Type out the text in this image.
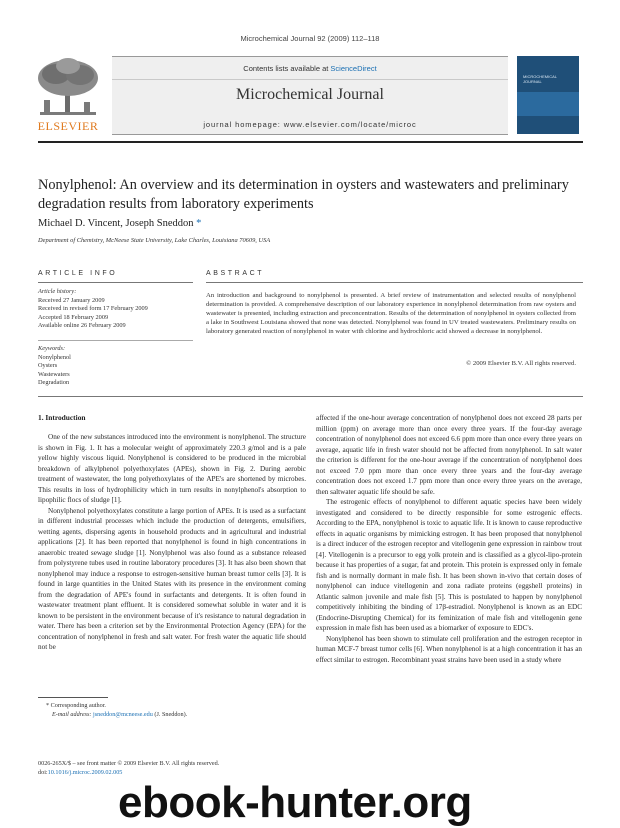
Microchemical Journal 92 (2009) 112–118
Contents lists available at ScienceDirect
Microchemical Journal
journal homepage: www.elsevier.com/locate/microc
ELSEVIER
MICROCHEMICAL JOURNAL
Nonylphenol: An overview and its determination in oysters and wastewaters and preliminary degradation results from laboratory experiments
Michael D. Vincent, Joseph Sneddon *
Department of Chemistry, McNeese State University, Lake Charles, Louisiana 70609, USA
ARTICLE INFO	ABSTRACT
Article history:
Received 27 January 2009
Received in revised form 17 February 2009
Accepted 18 February 2009
Available online 26 February 2009
Keywords:
Nonylphenol
Oysters
Wastewaters
Degradation
An introduction and background to nonylphenol is presented. A brief review of instrumentation and selected results of nonylphenol determination is provided. A comprehensive description of our laboratory experience in nonylphenol determination from raw oysters and wastewater is presented, including extraction and preconcentration. Results of the determination of nonylphenol in oysters collected from a lake in Southwest Louisiana showed that none was detected. Nonylphenol was found in UV treated wastewaters. Preliminary results on laboratory generated reaction of nonylphenol in water with chlorine and hydrochloric acid showed a decrease in nonylphenol.
© 2009 Elsevier B.V. All rights reserved.
1. Introduction

One of the new substances introduced into the environment is nonylphenol. The structure is shown in Fig. 1. It has a molecular weight of approximately 220.3 g/mol and is a pale yellow highly viscous liquid. Nonylphenol is considered to be produced in the microbial breakdown of alkylphenol polyethoxylates (APEs), shown in Fig. 2. During aerobic treatment of wastewater, the long polyethoxylates of the APE's are shortened by microbes. This results in loss of hydrophilicity which in turn results in nonylphenol's absorption to lipophilic flocs of sludge [1].

Nonylphenol polyethoxylates constitute a large portion of APEs. It is used as a surfactant in different industrial processes which include the production of detergents, emulsifiers, wetting agents, dispersing agents in household products and in agricultural and industrial applications [2]. It has been reported that nonylphenol is found in high concentrations in anaerobic treated sewage sludge [1]. Nonylphenol was also found as a substance released from polystyrene tubes used in routine laboratory procedures [3]. It has also been shown that nonylphenol may induce a response to estrogen-sensitive human breast tumor cells [3]. It is found in large quantities in the United States with its presence in the environment coming from the degradation of APE's found in surfactants and detergents. It is often found in wastewater treatment plant effluent. It is considered somewhat soluble in water and it is known to be persistent in the environment because of it's resistance to natural degradation in water. There has been a criterion set by the Environmental Protection Agency (EPA) for the concentration of nonylphenol in fresh and salt water. For fresh water the aquatic life should not be

affected if the one-hour average concentration of nonylphenol does not exceed 28 parts per million (ppm) on average more than once every three years. If the four-day average concentration of nonylphenol does not exceed 6.6 ppm more than once every three years on average, aquatic life in fresh water should not be affected from nonylphenol. In salt water the criterion is different for the one-hour average if the concentration of nonylphenol does not exceed 7.0 ppm more than once every three years and the four-day average concentration does not exceed 1.7 ppm more than once every three years on the average, then saltwater aquatic life should be safe.

The estrogenic effects of nonylphenol to different aquatic species have been widely investigated and considered to be directly responsible for some estrogenic effects. According to the EPA, nonylphenol is toxic to aquatic life. It is known to cause reproductive effects in aquatic organisms by mimicking estrogen. It has been proposed that nonylphenol is a direct inducer of the estrogen receptor and vitellogenin gene expression in rainbow trout [4]. Vitellogenin is a precursor to egg yolk protein and is classified as a glycol-lipo-protein because it has properties of a sugar, fat and protein. This protein is expressed only in female fish and is normally dormant in male fish. It has been shown in-vivo that certain doses of nonylphenol can induce vitellogenin and zona radiate proteins (eggshell proteins) in Atlantic salmon juvenile and male fish [5]. This is postulated to happen by nonylphenol competitively inhibiting the binding of 17β-estradiol. Nonylphenol is known as an EDC (Endocrine-Disrupting Chemical) for its feminization of male fish and vitellogenin gene expression in male fish has been used as a biomarker of exposure to EDC's.

Nonylphenol has been shown to stimulate cell proliferation and the estrogen receptor in human MCF-7 breast tumor cells [6]. When nonylphenol is at a high concentration it has an effect similar to estrogen. Recombinant yeast strains have been used in a study where

* Corresponding author.
E-mail address: jsneddon@mcneese.edu (J. Sneddon).
0026-265X/$ – see front matter © 2009 Elsevier B.V. All rights reserved.
doi:10.1016/j.microc.2009.02.005
ebook-hunter.org
